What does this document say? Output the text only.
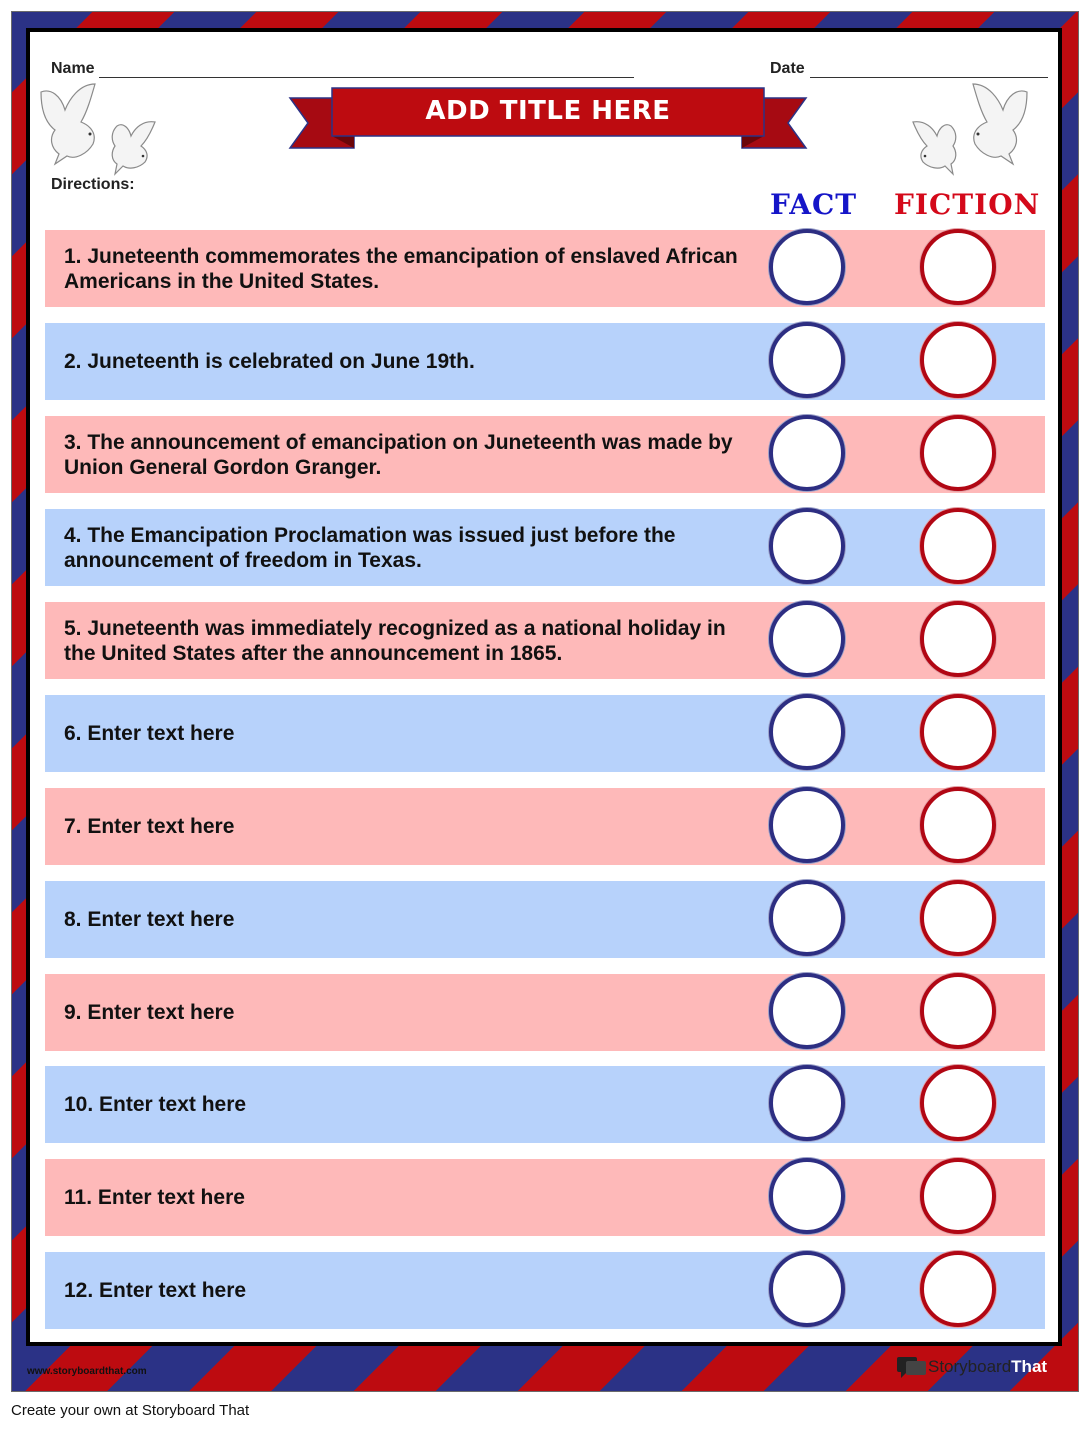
Name	Date
Directions:
ADD TITLE HERE
FACT FICTION
1. Juneteenth commemorates the emancipation of enslaved African Americans in the United States.
2. Juneteenth is celebrated on June 19th.
3. The announcement of emancipation on Juneteenth was made by Union General Gordon Granger.
4. The Emancipation Proclamation was issued just before the announcement of freedom in Texas.
5. Juneteenth was immediately recognized as a national holiday in the United States after the announcement in 1865.
6. Enter text here
7. Enter text here
8. Enter text here
9. Enter text here
10. Enter text here
11. Enter text here
12. Enter text here
www.storyboardthat.com	Storyboard That
Create your own at Storyboard That
